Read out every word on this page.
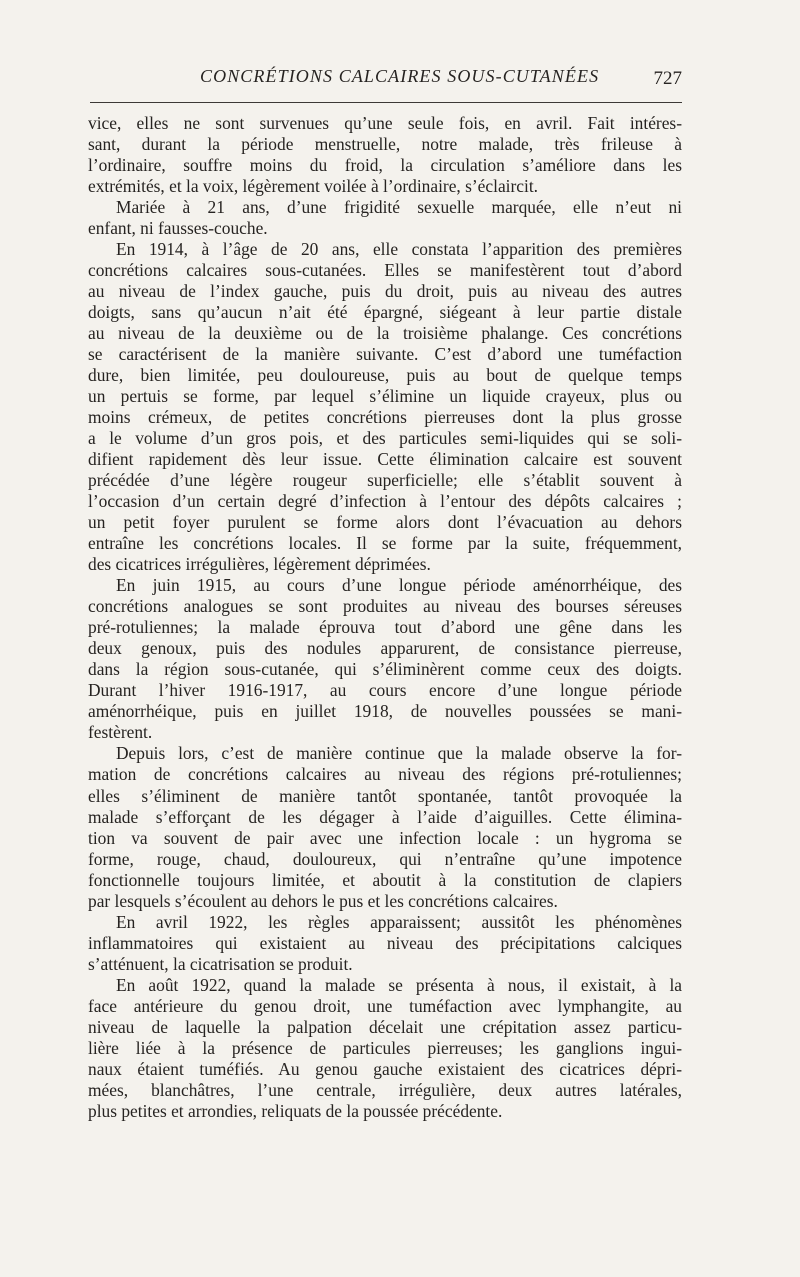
CONCRÉTIONS CALCAIRES SOUS-CUTANÉES	727
vice, elles ne sont survenues qu’une seule fois, en avril. Fait intéres-
sant, durant la période menstruelle, notre malade, très frileuse à
l’ordinaire, souffre moins du froid, la circulation s’améliore dans les
extrémités, et la voix, légèrement voilée à l’ordinaire, s’éclaircit.
Mariée à 21 ans, d’une frigidité sexuelle marquée, elle n’eut ni
enfant, ni fausses-couche.
En 1914, à l’âge de 20 ans, elle constata l’apparition des premières
concrétions calcaires sous-cutanées. Elles se manifestèrent tout d’abord
au niveau de l’index gauche, puis du droit, puis au niveau des autres
doigts, sans qu’aucun n’ait été épargné, siégeant à leur partie distale
au niveau de la deuxième ou de la troisième phalange. Ces concrétions
se caractérisent de la manière suivante. C’est d’abord une tuméfaction
dure, bien limitée, peu douloureuse, puis au bout de quelque temps
un pertuis se forme, par lequel s’élimine un liquide crayeux, plus ou
moins crémeux, de petites concrétions pierreuses dont la plus grosse
a le volume d’un gros pois, et des particules semi-liquides qui se soli-
difient rapidement dès leur issue. Cette élimination calcaire est souvent
précédée d’une légère rougeur superficielle; elle s’établit souvent à
l’occasion d’un certain degré d’infection à l’entour des dépôts calcaires ;
un petit foyer purulent se forme alors dont l’évacuation au dehors
entraîne les concrétions locales. Il se forme par la suite, fréquemment,
des cicatrices irrégulières, légèrement déprimées.
En juin 1915, au cours d’une longue période aménorrhéique, des
concrétions analogues se sont produites au niveau des bourses séreuses
pré-rotuliennes; la malade éprouva tout d’abord une gêne dans les
deux genoux, puis des nodules apparurent, de consistance pierreuse,
dans la région sous-cutanée, qui s’éliminèrent comme ceux des doigts.
Durant l’hiver 1916-1917, au cours encore d’une longue période
aménorrhéique, puis en juillet 1918, de nouvelles poussées se mani-
festèrent.
Depuis lors, c’est de manière continue que la malade observe la for-
mation de concrétions calcaires au niveau des régions pré-rotuliennes;
elles s’éliminent de manière tantôt spontanée, tantôt provoquée la
malade s’efforçant de les dégager à l’aide d’aiguilles. Cette élimina-
tion va souvent de pair avec une infection locale : un hygroma se
forme, rouge, chaud, douloureux, qui n’entraîne qu’une impotence
fonctionnelle toujours limitée, et aboutit à la constitution de clapiers
par lesquels s’écoulent au dehors le pus et les concrétions calcaires.
En avril 1922, les règles apparaissent; aussitôt les phénomènes
inflammatoires qui existaient au niveau des précipitations calciques
s’atténuent, la cicatrisation se produit.
En août 1922, quand la malade se présenta à nous, il existait, à la
face antérieure du genou droit, une tuméfaction avec lymphangite, au
niveau de laquelle la palpation décelait une crépitation assez particu-
lière liée à la présence de particules pierreuses; les ganglions ingui-
naux étaient tuméfiés. Au genou gauche existaient des cicatrices dépri-
mées, blanchâtres, l’une centrale, irrégulière, deux autres latérales,
plus petites et arrondies, reliquats de la poussée précédente.
